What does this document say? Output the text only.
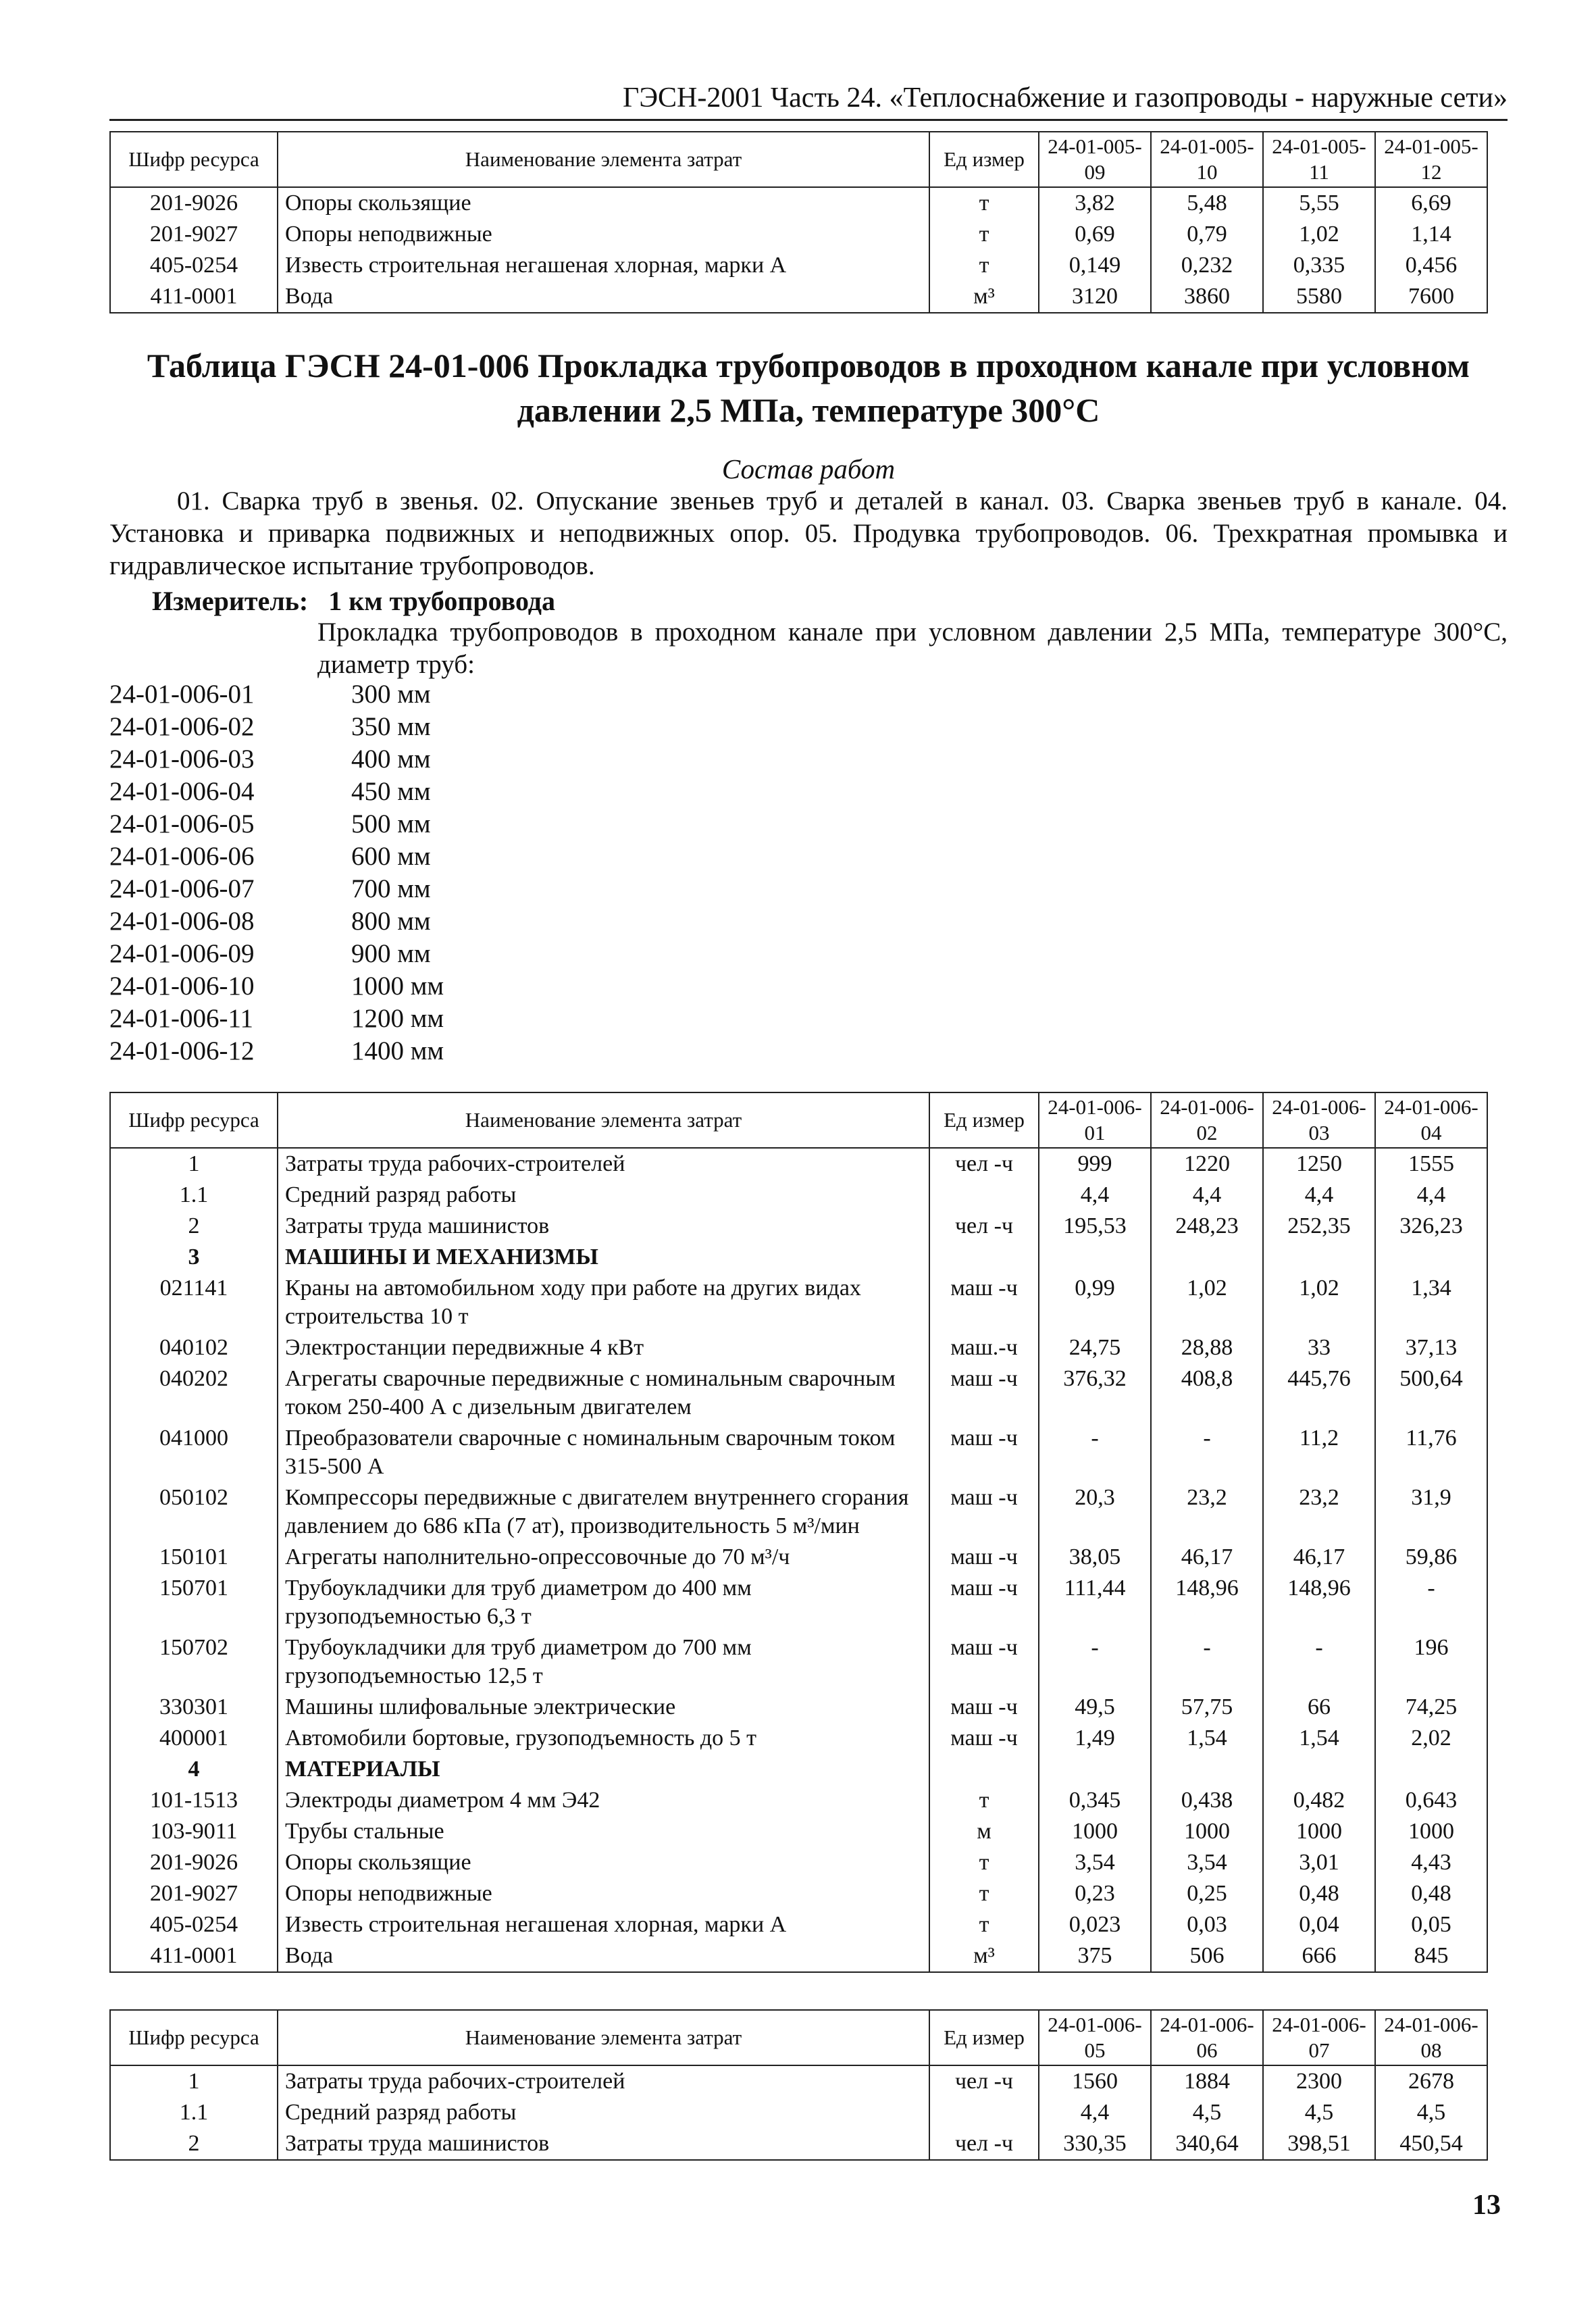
ГЭСН-2001 Часть 24. «Теплоснабжение и газопроводы - наружные сети»
Шифр ресурса	Наименование элемента затрат	Ед измер	24-01-005-09	24-01-005-10	24-01-005-11	24-01-005-12
201-9026	Опоры скользящие	т	3,82	5,48	5,55	6,69
201-9027	Опоры неподвижные	т	0,69	0,79	1,02	1,14
405-0254	Известь строительная негашеная хлорная, марки А	т	0,149	0,232	0,335	0,456
411-0001	Вода	м³	3120	3860	5580	7600
Таблица ГЭСН 24-01-006 Прокладка трубопроводов в проходном канале при условном давлении 2,5 МПа, температуре 300°С
Состав работ
01. Сварка труб в звенья. 02. Опускание звеньев труб и деталей в канал. 03. Сварка звеньев труб в канале. 04. Установка и приварка подвижных и неподвижных опор. 05. Продувка трубопроводов. 06. Трехкратная промывка и гидравлическое испытание трубопроводов.
Измеритель: 1 км трубопровода
Прокладка трубопроводов в проходном канале при условном давлении 2,5 МПа, температуре 300°С, диаметр труб:
24-01-006-01	300 мм
24-01-006-02	350 мм
24-01-006-03	400 мм
24-01-006-04	450 мм
24-01-006-05	500 мм
24-01-006-06	600 мм
24-01-006-07	700 мм
24-01-006-08	800 мм
24-01-006-09	900 мм
24-01-006-10	1000 мм
24-01-006-11	1200 мм
24-01-006-12	1400 мм
Шифр ресурса	Наименование элемента затрат	Ед измер	24-01-006-01	24-01-006-02	24-01-006-03	24-01-006-04
1	Затраты труда рабочих-строителей	чел -ч	999	1220	1250	1555
1.1	Средний разряд работы		4,4	4,4	4,4	4,4
2	Затраты труда машинистов	чел -ч	195,53	248,23	252,35	326,23
3	МАШИНЫ И МЕХАНИЗМЫ					
021141	Краны на автомобильном ходу при работе на других видах строительства 10 т	маш -ч	0,99	1,02	1,02	1,34
040102	Электростанции передвижные 4 кВт	маш.-ч	24,75	28,88	33	37,13
040202	Агрегаты сварочные передвижные с номинальным сварочным током 250-400 А с дизельным двигателем	маш -ч	376,32	408,8	445,76	500,64
041000	Преобразователи сварочные с номинальным сварочным током 315-500 А	маш -ч	-	-	11,2	11,76
050102	Компрессоры передвижные с двигателем внутреннего сгорания давлением до 686 кПа (7 ат), производительность 5 м³/мин	маш -ч	20,3	23,2	23,2	31,9
150101	Агрегаты наполнительно-опрессовочные до 70 м³/ч	маш -ч	38,05	46,17	46,17	59,86
150701	Трубоукладчики для труб диаметром до 400 мм грузоподъемностью 6,3 т	маш -ч	111,44	148,96	148,96	-
150702	Трубоукладчики для труб диаметром до 700 мм грузоподъемностью 12,5 т	маш -ч	-	-	-	196
330301	Машины шлифовальные электрические	маш -ч	49,5	57,75	66	74,25
400001	Автомобили бортовые, грузоподъемность до 5 т	маш -ч	1,49	1,54	1,54	2,02
4	МАТЕРИАЛЫ					
101-1513	Электроды диаметром 4 мм Э42	т	0,345	0,438	0,482	0,643
103-9011	Трубы стальные	м	1000	1000	1000	1000
201-9026	Опоры скользящие	т	3,54	3,54	3,01	4,43
201-9027	Опоры неподвижные	т	0,23	0,25	0,48	0,48
405-0254	Известь строительная негашеная хлорная, марки А	т	0,023	0,03	0,04	0,05
411-0001	Вода	м³	375	506	666	845
Шифр ресурса	Наименование элемента затрат	Ед измер	24-01-006-05	24-01-006-06	24-01-006-07	24-01-006-08
1	Затраты труда рабочих-строителей	чел -ч	1560	1884	2300	2678
1.1	Средний разряд работы		4,4	4,5	4,5	4,5
2	Затраты труда машинистов	чел -ч	330,35	340,64	398,51	450,54
13
